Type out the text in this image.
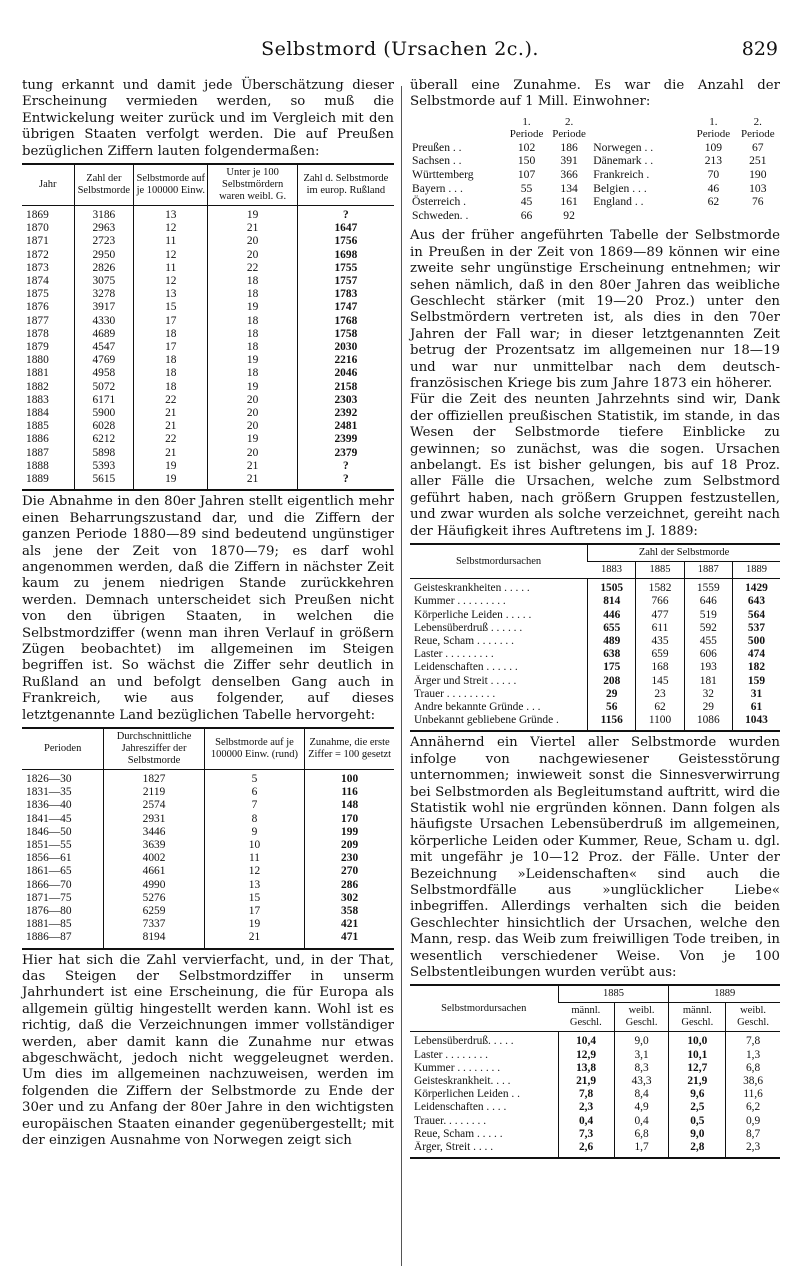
Selbstmord (Ursachen 2c.).	829

tung erkannt und damit jede Überschätzung dieser Erscheinung vermieden werden, so muß die Entwickelung weiter zurück und im Vergleich mit den übrigen Staaten verfolgt werden. Die auf Preußen bezüglichen Ziffern lauten folgendermaßen:

Jahr	Zahl der Selbstmorde	Selbstmorde auf je 100000 Einw.	Unter je 100 Selbstmördern waren weibl. G.	Zahl d. Selbstmorde im europ. Rußland
1869	3186	13	19	?
1870	2963	12	21	1647
1871	2723	11	20	1756
1872	2950	12	20	1698
1873	2826	11	22	1755
1874	3075	12	18	1757
1875	3278	13	18	1783
1876	3917	15	19	1747
1877	4330	17	18	1768
1878	4689	18	18	1758
1879	4547	17	18	2030
1880	4769	18	19	2216
1881	4958	18	18	2046
1882	5072	18	19	2158
1883	6171	22	20	2303
1884	5900	21	20	2392
1885	6028	21	20	2481
1886	6212	22	19	2399
1887	5898	21	20	2379
1888	5393	19	21	?
1889	5615	19	21	?

Die Abnahme in den 80er Jahren stellt eigentlich mehr einen Beharrungszustand dar, und die Ziffern der ganzen Periode 1880—89 sind bedeutend ungünstiger als jene der Zeit von 1870—79; es darf wohl angenommen werden, daß die Ziffern in nächster Zeit kaum zu jenem niedrigen Stande zurückkehren werden. Demnach unterscheidet sich Preußen nicht von den übrigen Staaten, in welchen die Selbstmordziffer (wenn man ihren Verlauf in größern Zügen beobachtet) im allgemeinen im Steigen begriffen ist. So wächst die Ziffer sehr deutlich in Rußland an und befolgt denselben Gang auch in Frankreich, wie aus folgender, auf dieses letztgenannte Land bezüglichen Tabelle hervorgeht:

Perioden	Durchschnittliche Jahresziffer der Selbstmorde	Selbstmorde auf je 100000 Einw. (rund)	Zunahme, die erste Ziffer = 100 gesetzt
1826—30	1827	5	100
1831—35	2119	6	116
1836—40	2574	7	148
1841—45	2931	8	170
1846—50	3446	9	199
1851—55	3639	10	209
1856—61	4002	11	230
1861—65	4661	12	270
1866—70	4990	13	286
1871—75	5276	15	302
1876—80	6259	17	358
1881—85	7337	19	421
1886—87	8194	21	471

Hier hat sich die Zahl vervierfacht, und, in der That, das Steigen der Selbstmordziffer in unserm Jahrhundert ist eine Erscheinung, die für Europa als allgemein gültig hingestellt werden kann. Wohl ist es richtig, daß die Verzeichnungen immer vollständiger werden, aber damit kann die Zunahme nur etwas abgeschwächt, jedoch nicht weggeleugnet werden. Um dies im allgemeinen nachzuweisen, werden im folgenden die Ziffern der Selbstmorde zu Ende der 30er und zu Anfang der 80er Jahre in den wichtigsten europäischen Staaten einander gegenübergestellt; mit der einzigen Ausnahme von Norwegen zeigt sich

überall eine Zunahme. Es war die Anzahl der Selbstmorde auf 1 Mill. Einwohner:

	1. Periode	2. Periode		1. Periode	2. Periode
Preußen . .	102	186	Norwegen . .	109	67
Sachsen . .	150	391	Dänemark . .	213	251
Württemberg	107	366	Frankreich .	70	190
Bayern . . .	55	134	Belgien . . .	46	103
Österreich .	45	161	England . .	62	76
Schweden. .	66	92			

Aus der früher angeführten Tabelle der Selbstmorde in Preußen in der Zeit von 1869—89 können wir eine zweite sehr ungünstige Erscheinung entnehmen; wir sehen nämlich, daß in den 80er Jahren das weibliche Geschlecht stärker (mit 19—20 Proz.) unter den Selbstmördern vertreten ist, als dies in den 70er Jahren der Fall war; in dieser letztgenannten Zeit betrug der Prozentsatz im allgemeinen nur 18—19 und war nur unmittelbar nach dem deutsch-französischen Kriege bis zum Jahre 1873 ein höherer.

Für die Zeit des neunten Jahrzehnts sind wir, Dank der offiziellen preußischen Statistik, im stande, in das Wesen der Selbstmorde tiefere Einblicke zu gewinnen; so zunächst, was die sogen. Ursachen anbelangt. Es ist bisher gelungen, bis auf 18 Proz. aller Fälle die Ursachen, welche zum Selbstmord geführt haben, nach größern Gruppen festzustellen, und zwar wurden als solche verzeichnet, gereiht nach der Häufigkeit ihres Auftretens im J. 1889:

Selbstmordursachen	Zahl der Selbstmorde			
	1883	1885	1887	1889
Geisteskrankheiten . . . . .	1505	1582	1559	1429
Kummer . . . . . . . . .	814	766	646	643
Körperliche Leiden . . . . .	446	477	519	564
Lebensüberdruß . . . . . .	655	611	592	537
Reue, Scham . . . . . . .	489	435	455	500
Laster . . . . . . . . .	638	659	606	474
Leidenschaften . . . . . .	175	168	193	182
Ärger und Streit . . . . .	208	145	181	159
Trauer . . . . . . . . .	29	23	32	31
Andre bekannte Gründe . . .	56	62	29	61
Unbekannt gebliebene Gründe .	1156	1100	1086	1043

Annähernd ein Viertel aller Selbstmorde wurden infolge von nachgewiesener Geistesstörung unternommen; inwieweit sonst die Sinnesverwirrung bei Selbstmorden als Begleitumstand auftritt, wird die Statistik wohl nie ergründen können. Dann folgen als häufigste Ursachen Lebensüberdruß im allgemeinen, körperliche Leiden oder Kummer, Reue, Scham u. dgl. mit ungefähr je 10—12 Proz. der Fälle. Unter der Bezeichnung »Leidenschaften« sind auch die Selbstmordfälle aus »unglücklicher Liebe« inbegriffen. Allerdings verhalten sich die beiden Geschlechter hinsichtlich der Ursachen, welche den Mann, resp. das Weib zum freiwilligen Tode treiben, in wesentlich verschiedener Weise. Von je 100 Selbstentleibungen wurden verübt aus:

Selbstmordursachen	1885		1889	
	männl. Geschl.	weibl. Geschl.	männl. Geschl.	weibl. Geschl.
Lebensüberdruß. . . . .	10,4	9,0	10,0	7,8
Laster . . . . . . . .	12,9	3,1	10,1	1,3
Kummer . . . . . . . .	13,8	8,3	12,7	6,8
Geisteskrankheit. . . .	21,9	43,3	21,9	38,6
Körperlichen Leiden . .	7,8	8,4	9,6	11,6
Leidenschaften . . . .	2,3	4,9	2,5	6,2
Trauer. . . . . . . .	0,4	0,4	0,5	0,9
Reue, Scham . . . . .	7,3	6,8	9,0	8,7
Ärger, Streit . . . .	2,6	1,7	2,8	2,3
